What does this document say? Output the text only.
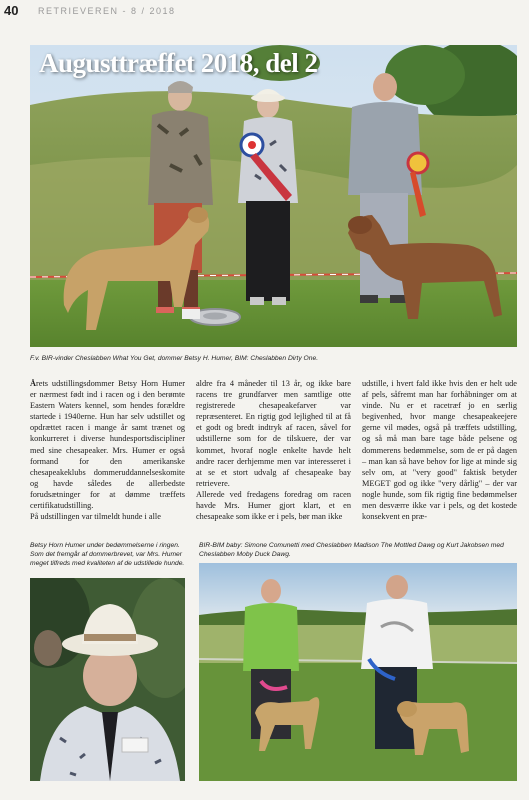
40 RETRIEVEREN - 8 / 2018
Augusttræffet 2018, del 2
F.v. BIR-vinder Cheslabben What You Get, dommer Betsy H. Humer, BIM: Cheslabben Dirty One.

Årets udstillingsdommer Betsy Horn Humer er nærmest født ind i racen og i den berømte Eastern Waters kennel, som hendes forældre startede i 1940erne. Hun har selv udstillet og opdrættet racen i mange år samt trænet og konkurreret i diverse hundesportsdiscipliner med sine chesapeaker. Mrs. Humer er også formand for den amerikanske chesapeakeklubs dommeruddannelseskomite og havde således de allerbedste forudsætninger for at dømme træffets certifikatudstilling.

På udstillingen var tilmeldt hunde i alle

aldre fra 4 måneder til 13 år, og ikke bare racens tre grundfarver men samtlige otte registrerede chesapeakefarver var repræsenteret. En rigtig god lejlighed til at få et godt og bredt indtryk af racen, såvel for udstillerne som for de tilskuere, der var kommet, hvoraf nogle enkelte havde helt andre racer derhjemme men var interesseret i at se et stort udvalg af chesapeake bay retrievere.

Allerede ved fredagens foredrag om racen havde Mrs. Humer gjort klart, et en chesapeake som ikke er i pels, bør man ikke

udstille, i hvert fald ikke hvis den er helt ude af pels, såfremt man har forhåbninger om at vinde. Nu er et racetræf jo en særlig begivenhed, hvor mange chesapeakeejere gerne vil mødes, også på træffets udstilling, og så må man bare tage både pelsene og dommerens bedømmelse, som de er på dagen – man kan så have behov for lige at minde sig selv om, at "very good" faktisk betyder MEGET god og ikke "very dårlig" – der var nogle hunde, som fik rigtig fine bedømmelser men desværre ikke var i pels, og det kostede konsekvent en præ-

Betsy Horn Humer under bedømmelserne i ringen. Som det fremgår af dommerbrevet, var Mrs. Humer meget tilfreds med kvaliteten af de udstillede hunde.
BIR-BIM baby: Simone Comunetti med Cheslabben Madison The Mottled Dawg og Kurt Jakobsen med Cheslabben Moby Duck Dawg.
